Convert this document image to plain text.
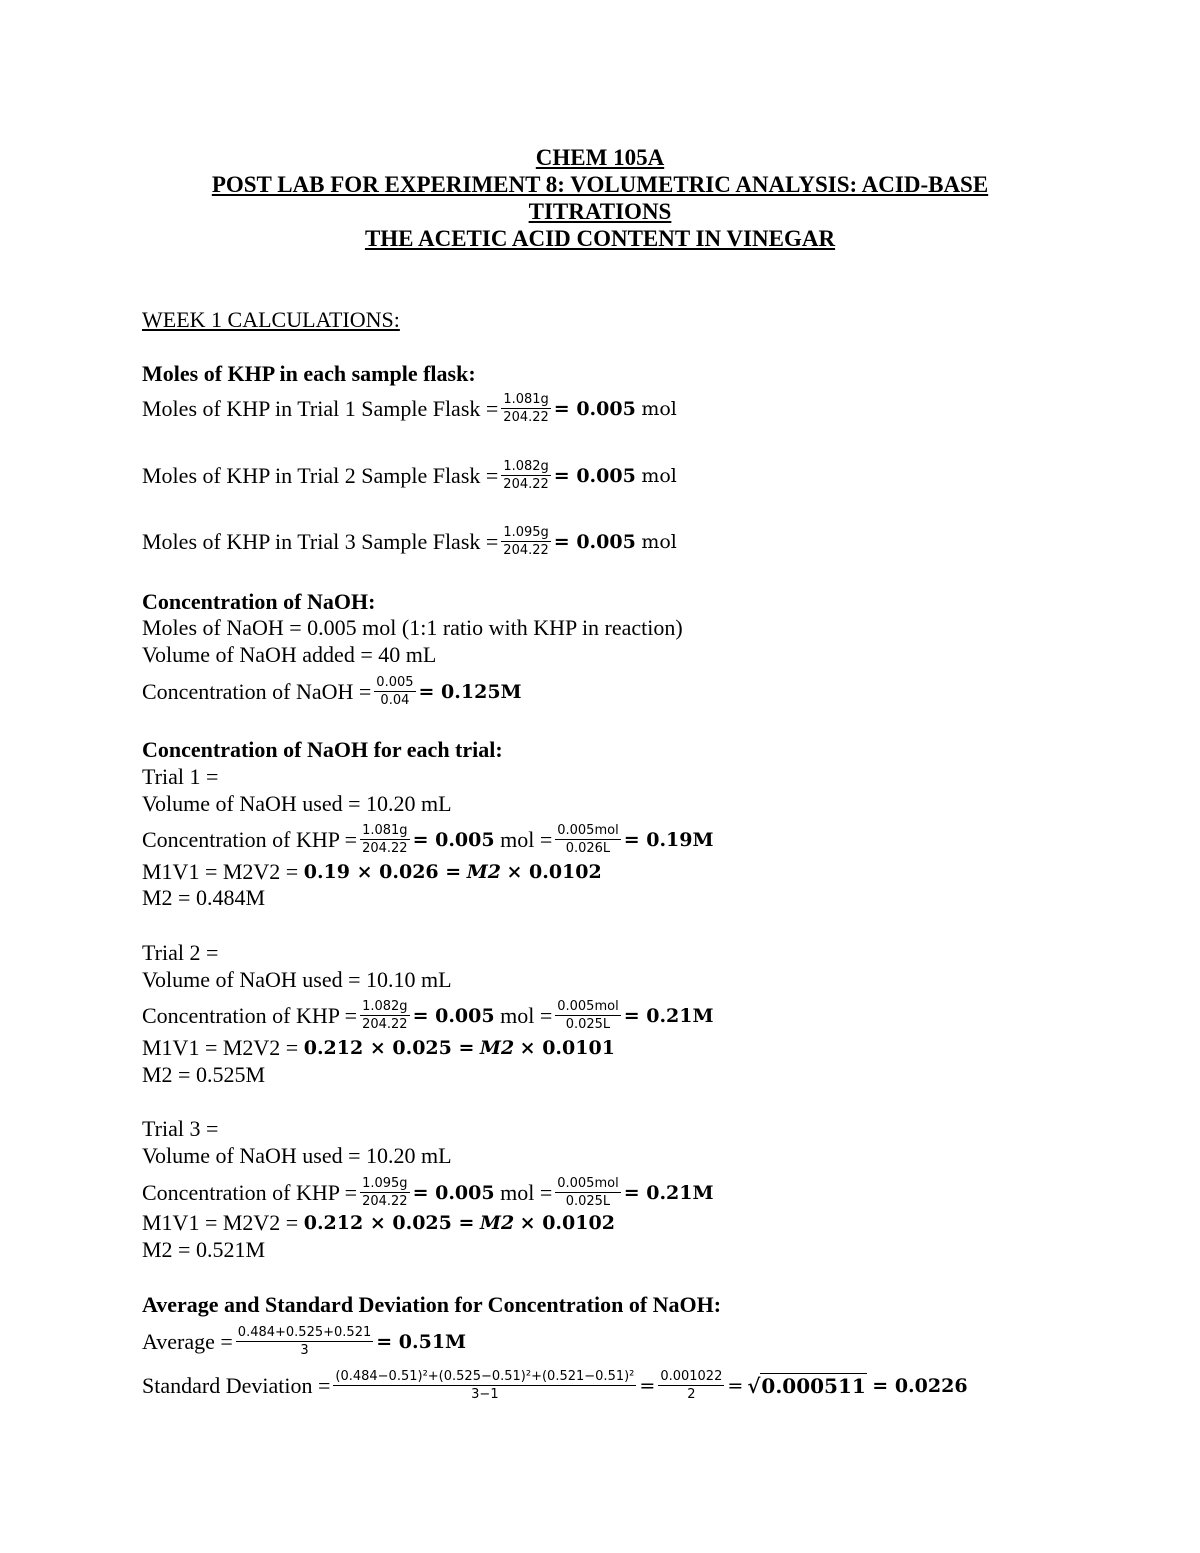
CHEM 105A
POST LAB FOR EXPERIMENT 8: VOLUMETRIC ANALYSIS: ACID-BASE
TITRATIONS
THE ACETIC ACID CONTENT IN VINEGAR
WEEK 1 CALCULATIONS:
Moles of KHP in each sample flask:
Moles of KHP in Trial 1 Sample Flask = $\frac{1.081g}{204.22} = 0.005$
mol
Moles of KHP in Trial 2 Sample Flask = $\frac{1.082g}{204.22} = 0.005$
mol
Moles of KHP in Trial 3 Sample Flask = $\frac{1.095g}{204.22} = 0.005$
mol
Concentration of NaOH:
Moles of NaOH = 0.005 mol (1:1 ratio with KHP in reaction)
Volume of NaOH added = 40 mL
Concentration of NaOH = $\frac{0.005}{0.04} = 0.125M$
Concentration of NaOH for each trial:
Trial 1 =
Volume of NaOH used = 10.20 mL
Concentration of KHP = $\frac{1.081g}{204.22} = 0.005$
mol = $\frac{\text{0.005mol}}{0.026L} = 0.19M$
M1V1 = M2V2 =
0.19 × 0.026 =
M2
× 0.0102
M2 = 0.484M
Trial 2 =
Volume of NaOH used = 10.10 mL
Concentration of KHP = $\frac{1.082g}{204.22} = 0.005$
mol = $\frac{\text{0.005mol}}{0.025L} = 0.21M$
M1V1 = M2V2 =
0.212 × 0.025 =
M2
× 0.0101
M2 = 0.525M
Trial 3 =
Volume of NaOH used = 10.20 mL
Concentration of KHP = $\frac{1.095g}{204.22} = 0.005$
mol = $\frac{\text{0.005mol}}{0.025L} = 0.21M$
M1V1 = M2V2 =
0.212 × 0.025 =
M2
× 0.0102
M2 = 0.521M
Average and Standard Deviation for Concentration of NaOH:
Average = $\frac{0.484+0.525+0.521}{3} = 0.51M$
Standard Deviation = $\frac{\text{(0.484−0.51)²+(0.525−0.51)²+(0.521−0.51)²}}{3-1} = \frac{0.001022}{2} = √0.000511$
= 0.0226
